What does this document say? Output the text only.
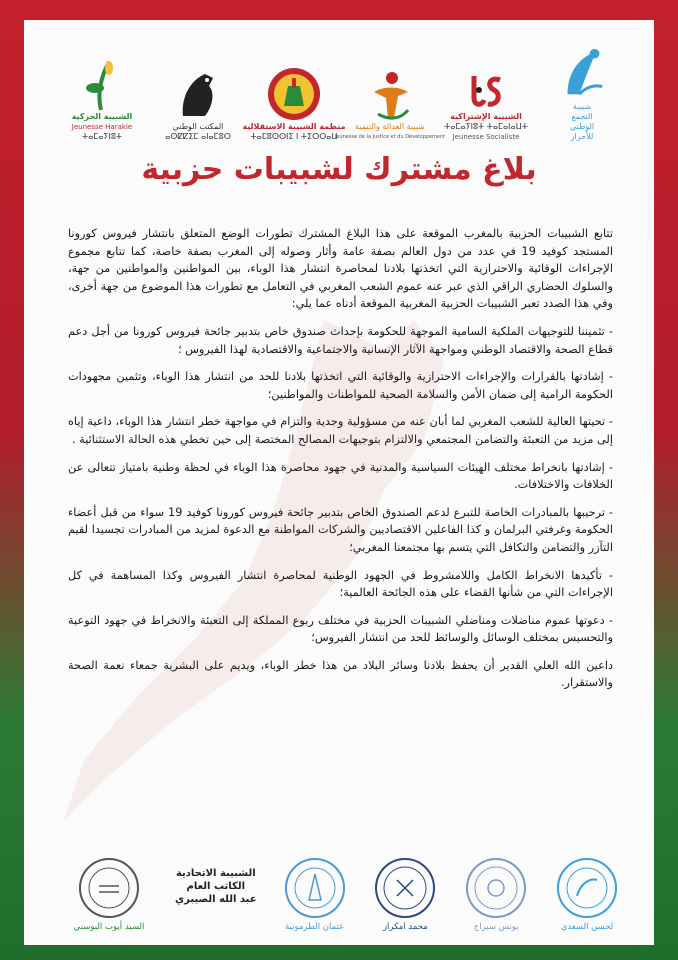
شبيبة
التجمع
الوطني
للأحرار
الشبيبة الإشتراكية
ⵜⴰⵎⴰⵢⵏⵓⵜ ⵜⴰⵎⴰⵏⴰⵡⵜ
Jeunesse Socialiste
شبيبة العدالة والتنمية
Jeunesse de la Justice et du Développement
منظمة الشبيبة الاستقلالية
ⵜⴰⵎⵓⵙⵙⵏⵉ ⵏ ⵜⵉⵔⵔⴰⵡ
المكتب الوطني
ⴰⵙⵇⵇⵉⵎ ⴰⵏⴰⵎⵓⵔ
الشبيبة الحركية
Jeunesse Harakie
ⵜⴰⵎⴰⵢⵏⵓⵜ
بلاغ مشترك لشبيبات حزبية

تتابع الشبيبات الحزبية بالمغرب الموقعة على هذا البلاغ المشترك تطورات الوضع المتعلق بانتشار فيروس كورونا المستجد كوفيد 19 في عدد من دول العالم بصفة عامة وأثار وصوله إلى المغرب بصفة خاصة، كما تتابع مجموع الإجراءات الوقائية والاحترازية التي اتخذتها بلادنا لمحاصرة انتشار هذا الوباء، بين المواطنين والمواطنين من جهة، والسلوك الحضاري الراقي الذي عبر عنه عموم الشعب المغربي في التعامل مع تطورات هذا الموضوع من جهة أخرى، وفي هذا الصدد تعبر الشبيبات الحزبية المغربية الموقعة أدناه عما يلي:

- تثميننا للتوجيهات الملكية السامية الموجهة للحكومة بإحداث صندوق خاص بتدبير جائحة فيروس كورونا من أجل دعم قطاع الصحة والاقتصاد الوطني ومواجهة الآثار الإنسانية والاجتماعية والاقتصادية لهذا الفيروس ؛

- إشادتها بالقرارات والإجراءات الاحترازية والوقائية التي اتخذتها بلادنا للحد من انتشار هذا الوباء، وتثمين مجهودات الحكومة الرامية إلى ضمان الأمن والسلامة الصحية للمواطنات والمواطنين؛

- تحيتها العالية للشعب المغربي لما أبان عنه من مسؤولية وجدية والتزام في مواجهة خطر انتشار هذا الوباء، داعية إياه إلى مزيد من التعبئة والتضامن المجتمعي والالتزام بتوجيهات المصالح المختصة إلى حين تخطي هذه الحالة الاستثنائية .

- إشادتها بانخراط مختلف الهيئات السياسية والمدنية في جهود محاصرة هذا الوباء في لحظة وطنية بامتياز تتعالى عن الخلافات والاختلافات.

- ترحيبها بالمبادرات الخاصة للتبرع لدعم الصندوق الخاص بتدبير جائحة فيروس كورونا كوفيد 19 سواء من قبل أعضاء الحكومة وغرفتي البرلمان و كذا الفاعلين الاقتصاديين والشركات المواطنة مع الدعوة لمزيد من المبادرات تجسيدا لقيم التآزر والتضامن والتكافل التي يتسم بها مجتمعنا المغربي؛

- تأكيدها الانخراط الكامل واللامشروط في الجهود الوطنية لمحاصرة انتشار الفيروس وكذا المساهمة في كل الإجراءات التي من شأنها القضاء على هذه الجائحة العالمية؛

- دعوتها عموم مناضلات ومناضلي الشبيبات الحزبية في مختلف ربوع المملكة إلى التعبئة والانخراط في جهود التوعية والتحسيس بمختلف الوسائل والوسائط للحد من انتشار الفيروس؛

داعين الله العلي القدير أن يحفظ بلادنا وسائر البلاد من هذا خطر الوباء، ويديم على البشرية جمعاء نعمة الصحة والاستقرار.

لحسن السعدي
يونس سيراج
محمد امكراز
عثمان الطرمونية
الشبيبة الاتحادية
الكاتب العام
عبد الله الصيبري
السيد أيوب البوسني
